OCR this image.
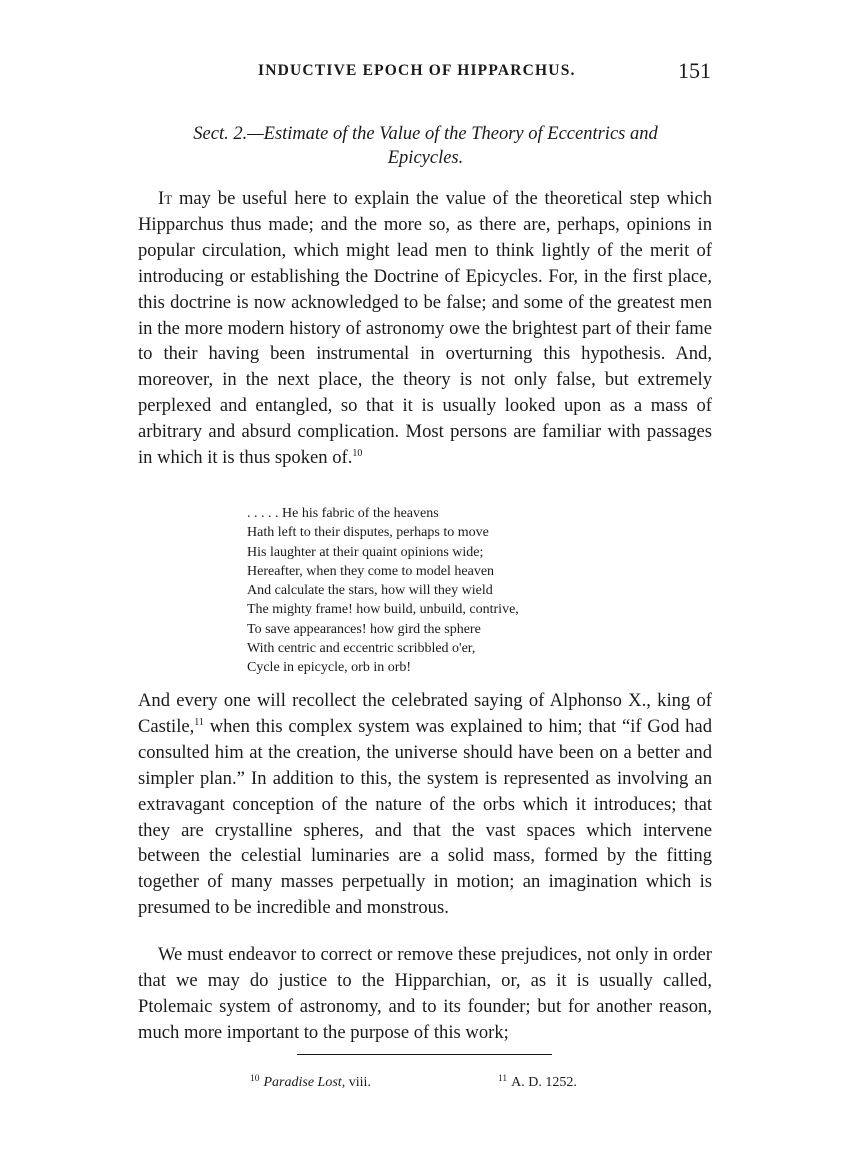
INDUCTIVE EPOCH OF HIPPARCHUS.	151
Sect. 2.—Estimate of the Value of the Theory of Eccentrics and
Epicycles.

It may be useful here to explain the value of the theoretical step which Hipparchus thus made; and the more so, as there are, perhaps, opinions in popular circulation, which might lead men to think lightly of the merit of introducing or establishing the Doctrine of Epicycles. For, in the first place, this doctrine is now acknowledged to be false; and some of the greatest men in the more modern history of astronomy owe the brightest part of their fame to their having been instrumental in overturning this hypothesis. And, moreover, in the next place, the theory is not only false, but extremely perplexed and entangled, so that it is usually looked upon as a mass of arbitrary and absurd complication. Most persons are familiar with passages in which it is thus spoken of.$^{10}$

. . . . . He his fabric of the heavens
Hath left to their disputes, perhaps to move
His laughter at their quaint opinions wide;
Hereafter, when they come to model heaven
And calculate the stars, how will they wield
The mighty frame! how build, unbuild, contrive,
To save appearances! how gird the sphere
With centric and eccentric scribbled o'er,
Cycle in epicycle, orb in orb!

And every one will recollect the celebrated saying of Alphonso X., king of Castile,$^{11}$ when this complex system was explained to him; that “if God had consulted him at the creation, the universe should have been on a better and simpler plan.” In addition to this, the system is represented as involving an extravagant conception of the nature of the orbs which it introduces; that they are crystalline spheres, and that the vast spaces which intervene between the celestial luminaries are a solid mass, formed by the fitting together of many masses perpetually in motion; an imagination which is presumed to be incredible and monstrous.

We must endeavor to correct or remove these prejudices, not only in order that we may do justice to the Hipparchian, or, as it is usually called, Ptolemaic system of astronomy, and to its founder; but for another reason, much more important to the purpose of this work;

$^{10}$ Paradise Lost, viii.	$^{11}$ A. D. 1252.
